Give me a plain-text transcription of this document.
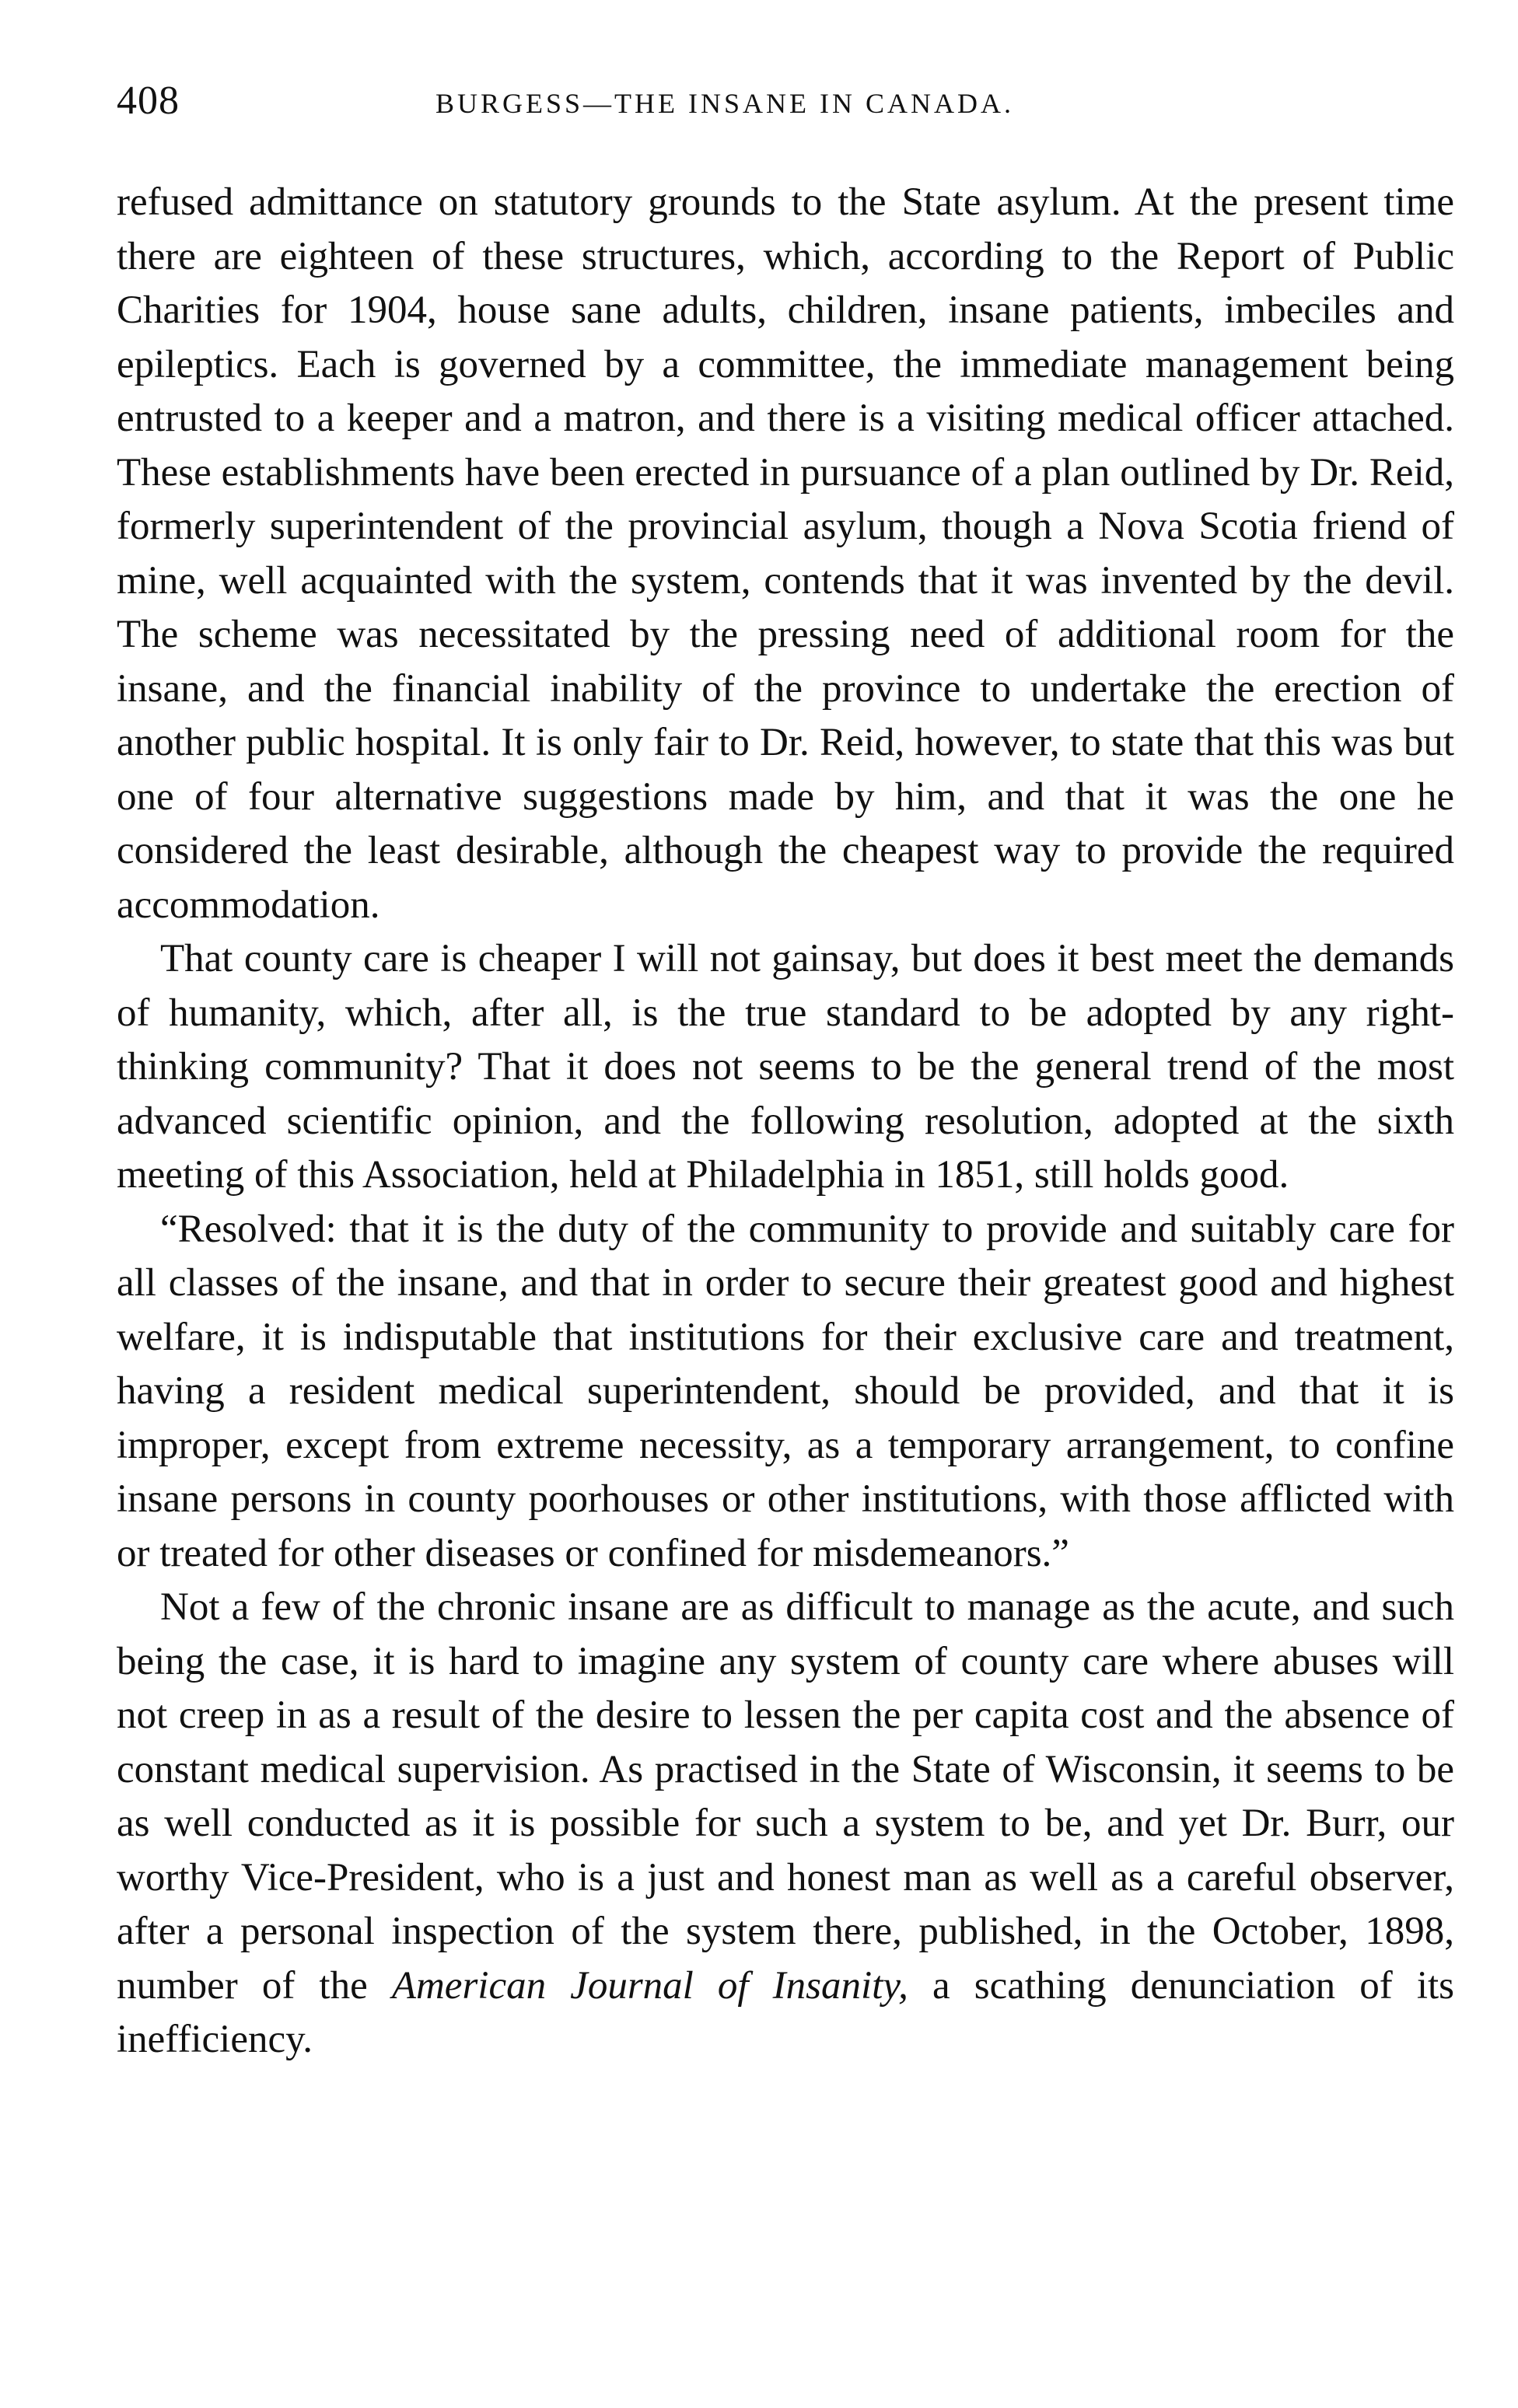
408	BURGESS—THE INSANE IN CANADA.

refused admittance on statutory grounds to the State asylum. At the present time there are eighteen of these structures, which, according to the Report of Public Charities for 1904, house sane adults, children, insane patients, imbeciles and epileptics. Each is governed by a committee, the immediate management being entrusted to a keeper and a matron, and there is a visiting medical officer attached. These establishments have been erected in pursuance of a plan outlined by Dr. Reid, formerly superintendent of the provincial asylum, though a Nova Scotia friend of mine, well acquainted with the system, contends that it was invented by the devil. The scheme was necessitated by the pressing need of additional room for the insane, and the financial inability of the province to undertake the erection of another public hospital. It is only fair to Dr. Reid, however, to state that this was but one of four alternative suggestions made by him, and that it was the one he considered the least desirable, although the cheapest way to provide the required accommodation.

That county care is cheaper I will not gainsay, but does it best meet the demands of humanity, which, after all, is the true standard to be adopted by any right-thinking community? That it does not seems to be the general trend of the most advanced scientific opinion, and the following resolution, adopted at the sixth meeting of this Association, held at Philadelphia in 1851, still holds good.

“Resolved: that it is the duty of the community to provide and suitably care for all classes of the insane, and that in order to secure their greatest good and highest welfare, it is indisputable that institutions for their exclusive care and treatment, having a resident medical superintendent, should be provided, and that it is improper, except from extreme necessity, as a temporary arrangement, to confine insane persons in county poorhouses or other institutions, with those afflicted with or treated for other diseases or confined for misdemeanors.”

Not a few of the chronic insane are as difficult to manage as the acute, and such being the case, it is hard to imagine any system of county care where abuses will not creep in as a result of the desire to lessen the per capita cost and the absence of constant medical supervision. As practised in the State of Wisconsin, it seems to be as well conducted as it is possible for such a system to be, and yet Dr. Burr, our worthy Vice-President, who is a just and honest man as well as a careful observer, after a personal inspection of the system there, published, in the October, 1898, number of the American Journal of Insanity, a scathing denunciation of its inefficiency.
